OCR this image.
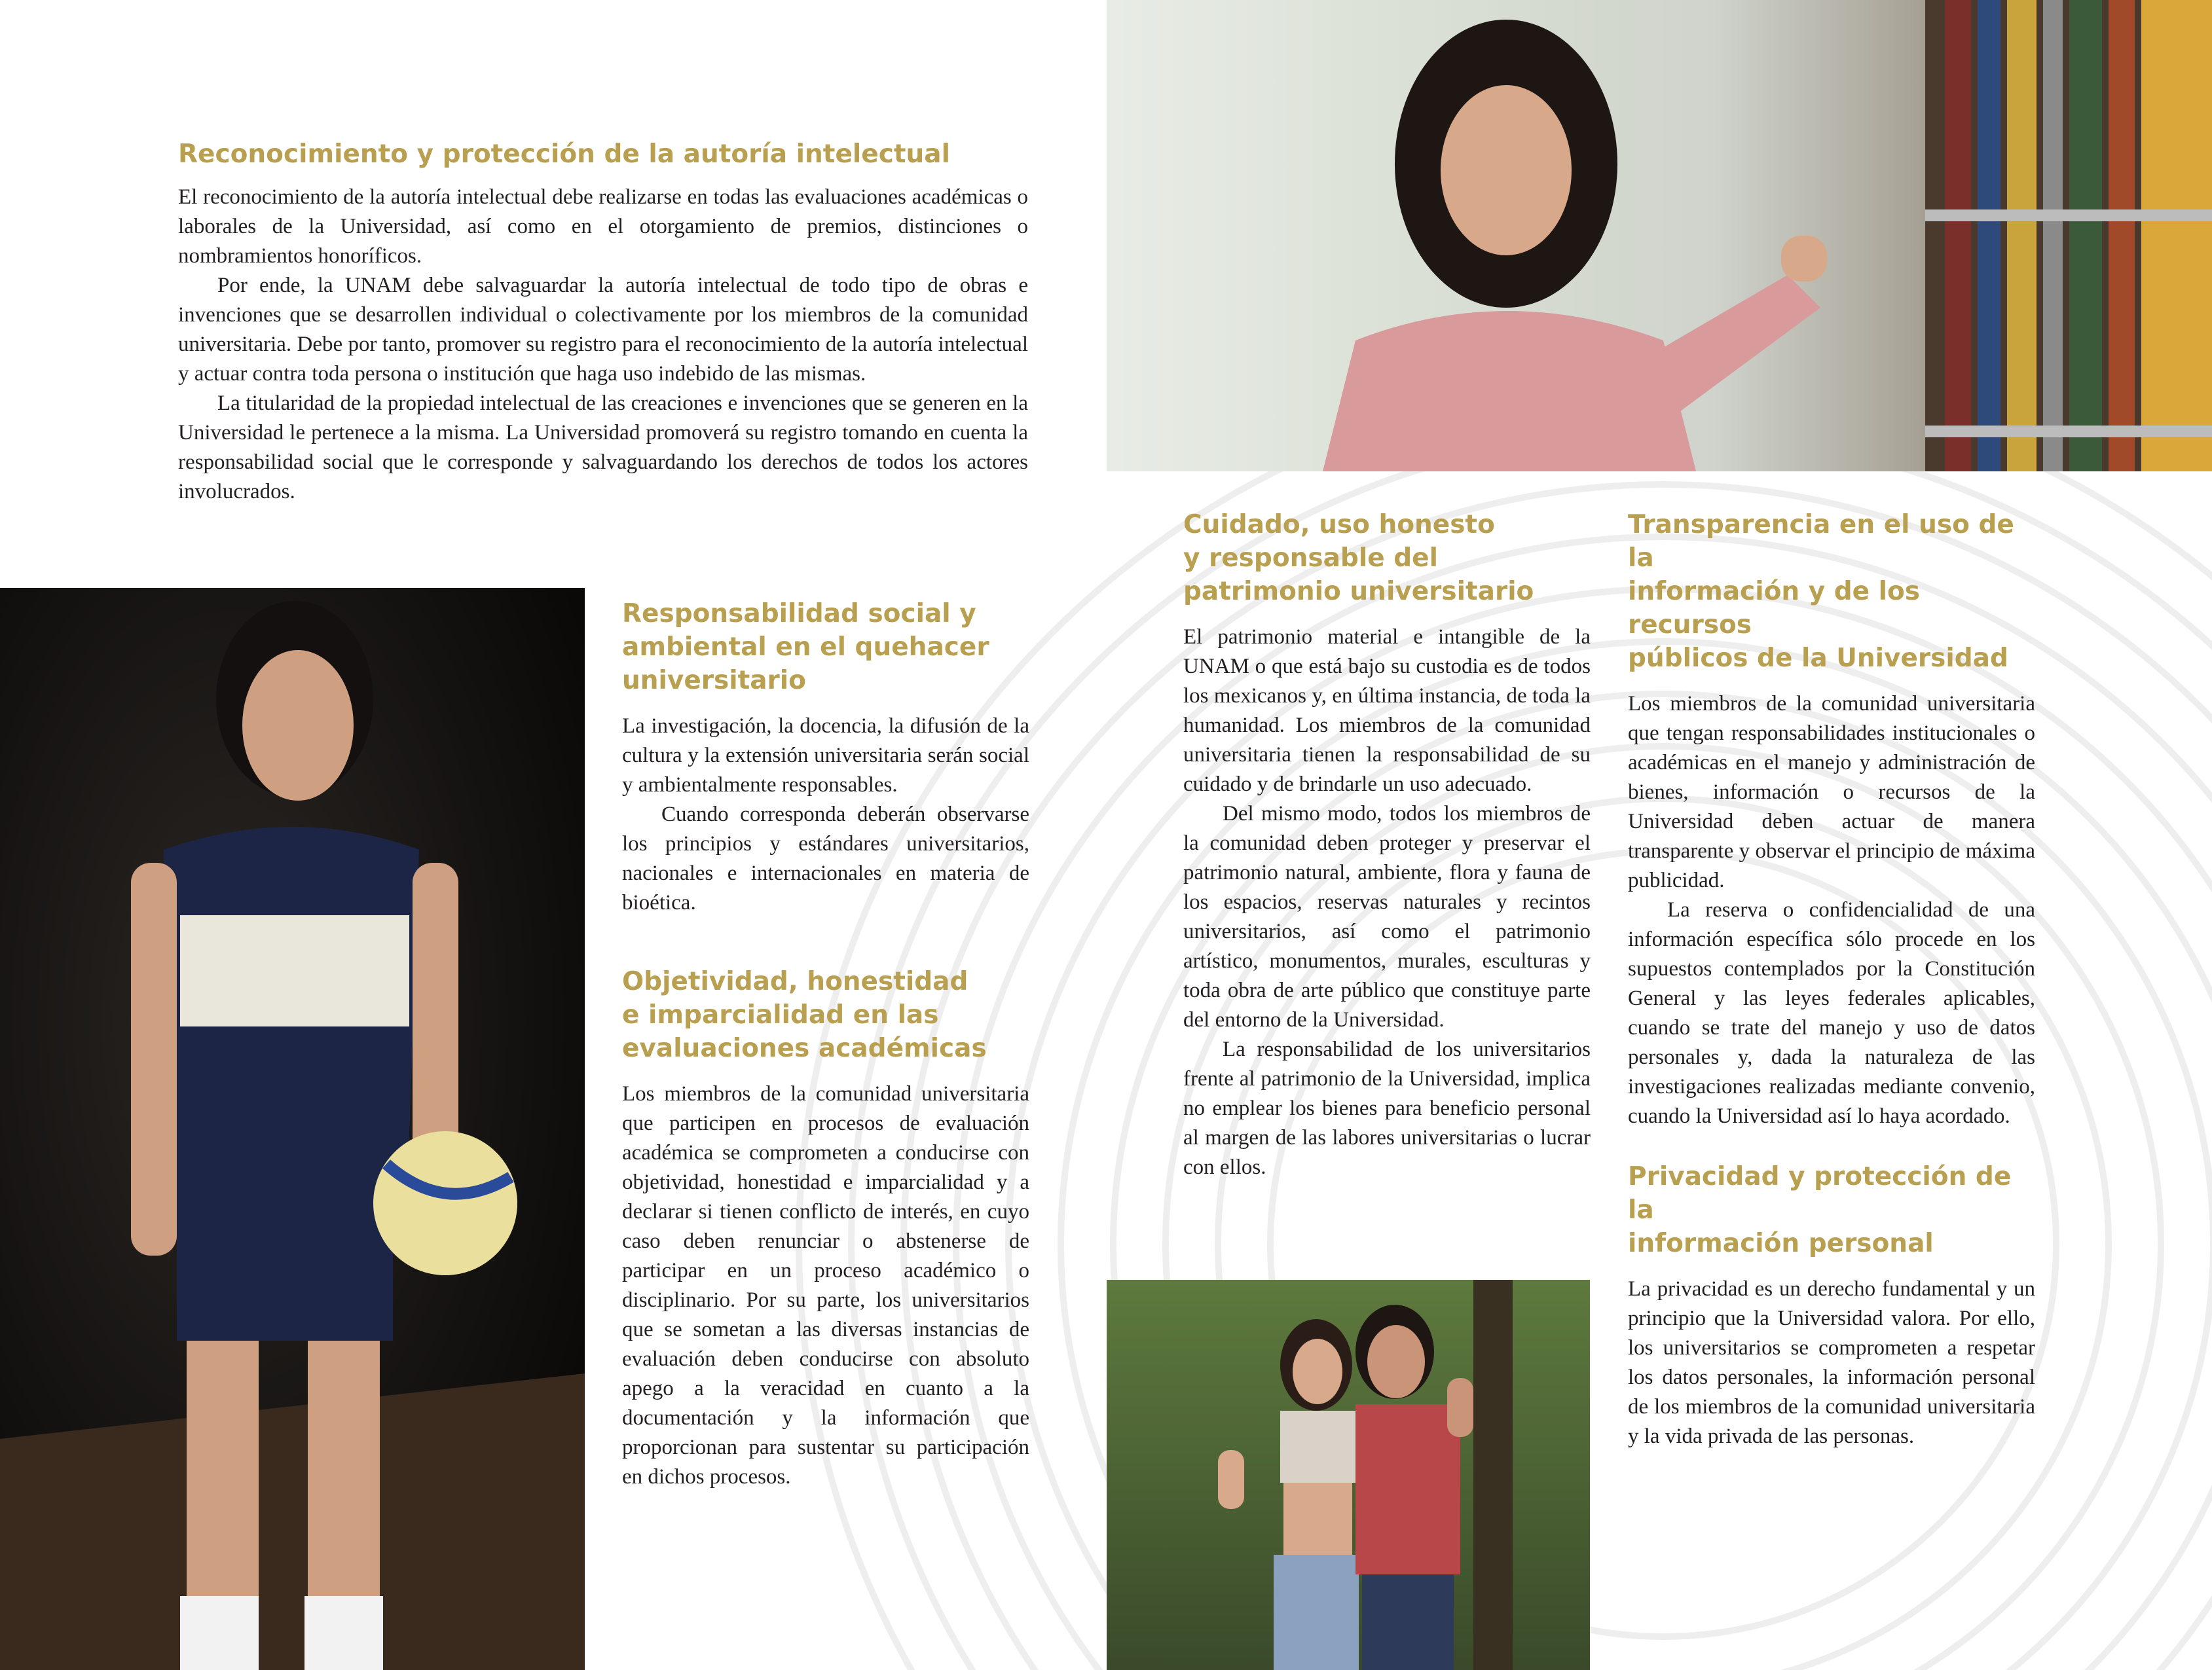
Reconocimiento y protección de la autoría intelectual

El reconocimiento de la autoría intelectual debe realizarse en todas las evaluaciones académicas o laborales de la Universidad, así como en el otorgamiento de premios, distinciones o nombramientos honoríficos.

Por ende, la UNAM debe salvaguardar la autoría intelectual de todo tipo de obras e invenciones que se desarrollen individual o colectivamente por los miembros de la comunidad universitaria. Debe por tanto, promover su registro para el reconocimiento de la autoría intelectual y actuar contra toda persona o institución que haga uso indebido de las mismas.

La titularidad de la propiedad intelectual de las creaciones e invenciones que se generen en la Universidad le pertenece a la misma. La Universidad promoverá su registro tomando en cuenta la responsabilidad social que le corresponde y salvaguardando los derechos de todos los actores involucrados.

Responsabilidad social y
ambiental en el quehacer
universitario

La investigación, la docencia, la difusión de la cultura y la extensión universitaria serán social y ambientalmente responsables.

Cuando corresponda deberán observarse los principios y estándares universitarios, nacionales e internacionales en materia de bioética.

Objetividad, honestidad
e imparcialidad en las
evaluaciones académicas

Los miembros de la comunidad universitaria que participen en procesos de evaluación académica se comprometen a conducirse con objetividad, honestidad e imparcialidad y a declarar si tienen conflicto de interés, en cuyo caso deben renunciar o abstenerse de participar en un proceso académico o disciplinario. Por su parte, los universitarios que se sometan a las diversas instancias de evaluación deben conducirse con absoluto apego a la veracidad en cuanto a la documentación y la información que proporcionan para sustentar su participación en dichos procesos.

Cuidado, uso honesto
y responsable del
patrimonio universitario

El patrimonio material e intangible de la UNAM o que está bajo su custodia es de todos los mexicanos y, en última instancia, de toda la humanidad. Los miembros de la comunidad universitaria tienen la responsabilidad de su cuidado y de brindarle un uso adecuado.

Del mismo modo, todos los miembros de la comunidad deben proteger y preservar el patrimonio natural, ambiente, flora y fauna de los espacios, reservas naturales y recintos universitarios, así como el patrimonio artístico, monumentos, murales, esculturas y toda obra de arte público que constituye parte del entorno de la Universidad.

La responsabilidad de los universitarios frente al patrimonio de la Universidad, implica no emplear los bienes para beneficio personal al margen de las labores universitarias o lucrar con ellos.

Transparencia en el uso de la
información y de los recursos
públicos de la Universidad

Los miembros de la comunidad universitaria que tengan responsabilidades institucionales o académicas en el manejo y administración de bienes, información o recursos de la Universidad deben actuar de manera transparente y observar el principio de máxima publicidad.

La reserva o confidencialidad de una información específica sólo procede en los supuestos contemplados por la Constitución General y las leyes federales aplicables, cuando se trate del manejo y uso de datos personales y, dada la naturaleza de las investigaciones realizadas mediante convenio, cuando la Universidad así lo haya acordado.

Privacidad y protección de la
información personal

La privacidad es un derecho fundamental y un principio que la Universidad valora. Por ello, los universitarios se comprometen a respetar los datos personales, la información personal de los miembros de la comunidad universitaria y la vida privada de las personas.
